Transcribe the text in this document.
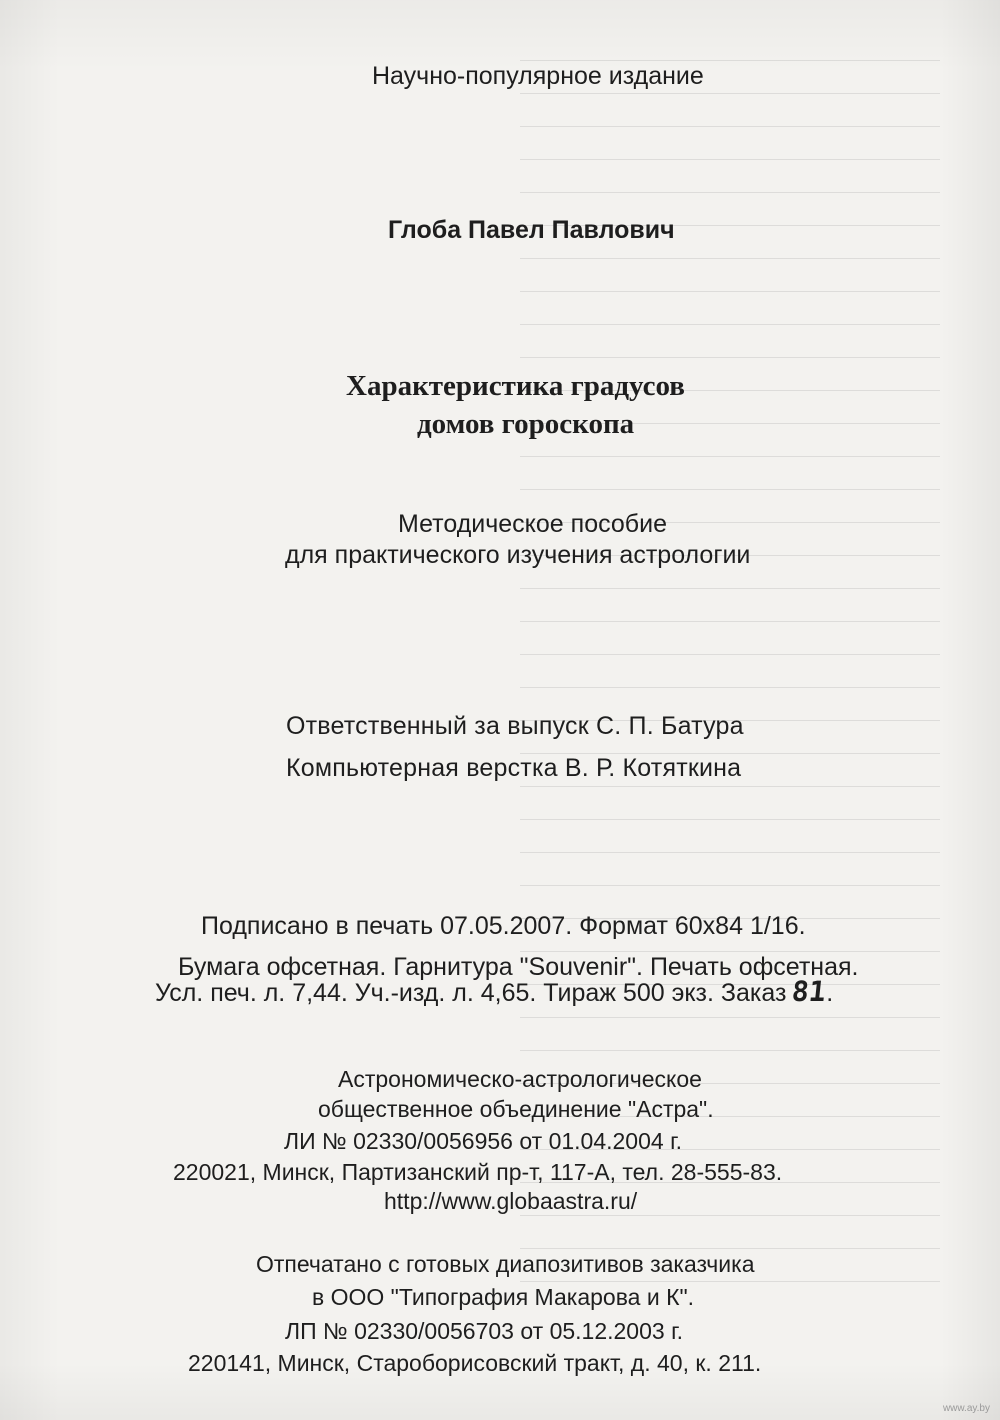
Научно-популярное издание
Глоба Павел Павлович
Характеристика градусов
домов гороскопа
Методическое пособие
для практического изучения астрологии
Ответственный за выпуск С. П. Батура
Компьютерная верстка В. Р. Котяткина
Подписано в печать 07.05.2007. Формат 60x84 1/16.
Бумага офсетная. Гарнитура "Souvenir". Печать офсетная.
Усл. печ. л. 7,44. Уч.-изд. л. 4,65. Тираж 500 экз. Заказ 81.
Астрономическо-астрологическое
общественное объединение "Астра".
ЛИ № 02330/0056956 от 01.04.2004 г.
220021, Минск, Партизанский пр-т, 117-А, тел. 28-555-83.
http://www.globaastra.ru/
Отпечатано с готовых диапозитивов заказчика
в ООО "Типография Макарова и К".
ЛП № 02330/0056703 от 05.12.2003 г.
220141, Минск, Староборисовский тракт, д. 40, к. 211.
www.ay.by
